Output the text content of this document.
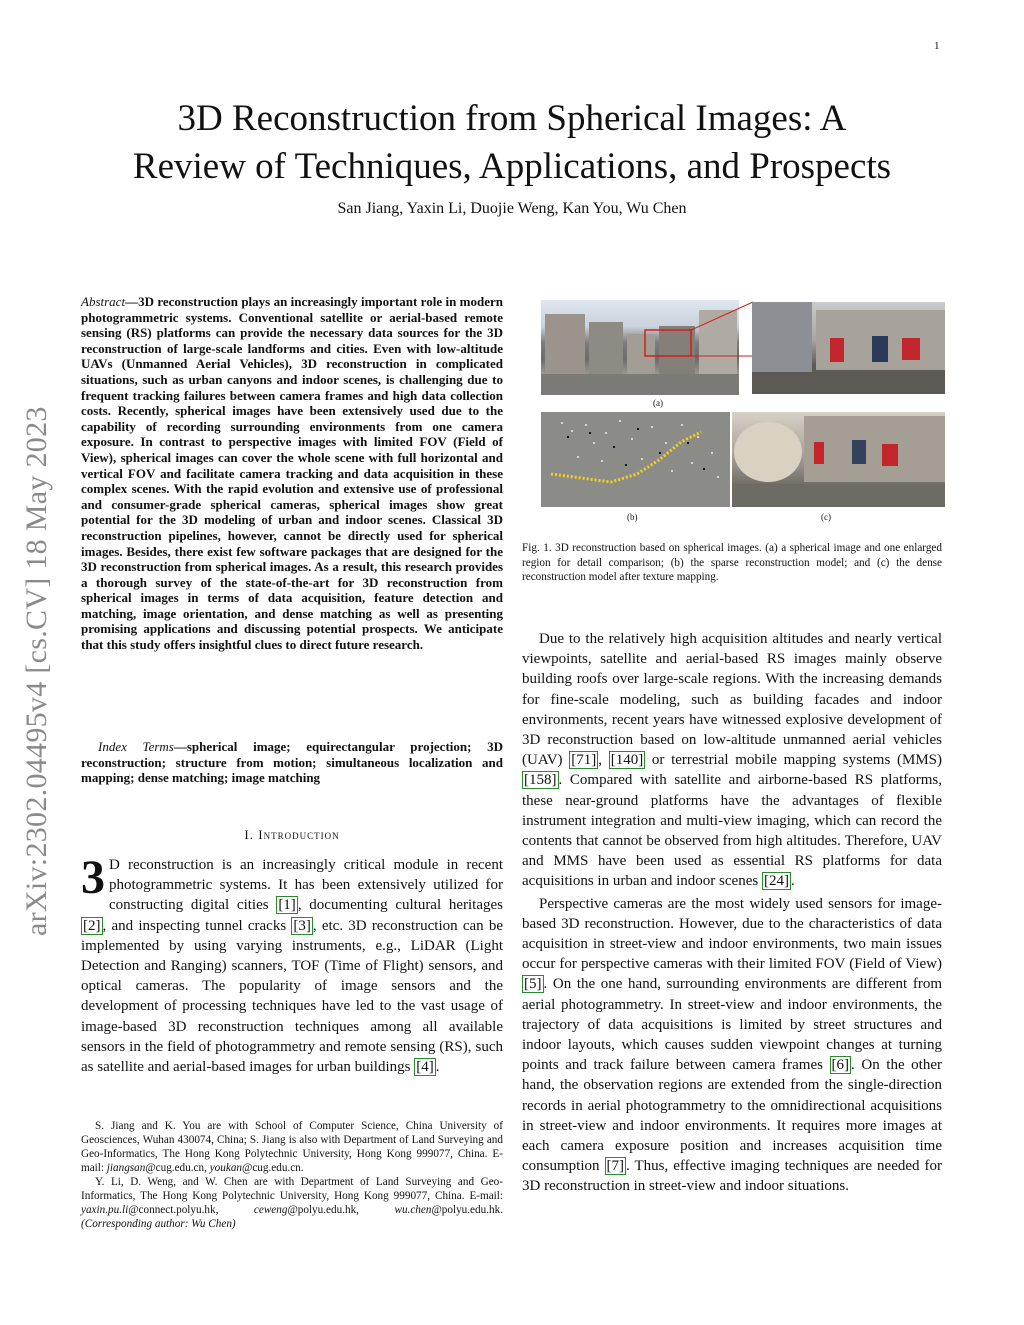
1
arXiv:2302.04495v4 [cs.CV] 18 May 2023
3D Reconstruction from Spherical Images: A
Review of Techniques, Applications, and Prospects
San Jiang, Yaxin Li, Duojie Weng, Kan You, Wu Chen
Abstract—3D reconstruction plays an increasingly important role in modern photogrammetric systems. Conventional satellite or aerial-based remote sensing (RS) platforms can provide the necessary data sources for the 3D reconstruction of large-scale landforms and cities. Even with low-altitude UAVs (Unmanned Aerial Vehicles), 3D reconstruction in complicated situations, such as urban canyons and indoor scenes, is challenging due to frequent tracking failures between camera frames and high data collection costs. Recently, spherical images have been extensively used due to the capability of recording surrounding environments from one camera exposure. In contrast to perspective images with limited FOV (Field of View), spherical images can cover the whole scene with full horizontal and vertical FOV and facilitate camera tracking and data acquisition in these complex scenes. With the rapid evolution and extensive use of professional and consumer-grade spherical cameras, spherical images show great potential for the 3D modeling of urban and indoor scenes. Classical 3D reconstruction pipelines, however, cannot be directly used for spherical images. Besides, there exist few software packages that are designed for the 3D reconstruction from spherical images. As a result, this research provides a thorough survey of the state-of-the-art for 3D reconstruction from spherical images in terms of data acquisition, feature detection and matching, image orientation, and dense matching as well as presenting promising applications and discussing potential prospects. We anticipate that this study offers insightful clues to direct future research.
Index Terms—spherical image; equirectangular projection; 3D reconstruction; structure from motion; simultaneous localization and mapping; dense matching; image matching
I. Introduction
3 D reconstruction is an increasingly critical module in recent photogrammetric systems. It has been extensively utilized for constructing digital cities [1] , documenting cultural heritages [2] , and inspecting tunnel cracks [3] , etc. 3D reconstruction can be implemented by using varying instruments, e.g., LiDAR (Light Detection and Ranging) scanners, TOF (Time of Flight) sensors, and optical cameras. The popularity of image sensors and the development of processing techniques have led to the vast usage of image-based 3D reconstruction techniques among all available sensors in the field of photogrammetry and remote sensing (RS), such as satellite and aerial-based images for urban buildings [4] .

S. Jiang and K. You are with School of Computer Science, China University of Geosciences, Wuhan 430074, China; S. Jiang is also with Department of Land Surveying and Geo-Informatics, The Hong Kong Polytechnic University, Hong Kong 999077, China. E-mail: jiangsan@cug.edu.cn, youkan@cug.edu.cn.

Y. Li, D. Weng, and W. Chen are with Department of Land Surveying and Geo-Informatics, The Hong Kong Polytechnic University, Hong Kong 999077, China. E-mail: yaxin.pu.li@connect.polyu.hk, ceweng@polyu.edu.hk, wu.chen@polyu.edu.hk. (Corresponding author: Wu Chen)

(a)
(b)	(c)
Fig. 1. 3D reconstruction based on spherical images. (a) a spherical image and one enlarged region for detail comparison; (b) the sparse reconstruction model; and (c) the dense reconstruction model after texture mapping.

Due to the relatively high acquisition altitudes and nearly vertical viewpoints, satellite and aerial-based RS images mainly observe building roofs over large-scale regions. With the increasing demands for fine-scale modeling, such as building facades and indoor environments, recent years have witnessed explosive development of 3D reconstruction based on low-altitude unmanned aerial vehicles (UAV) [71] , [140] or terrestrial mobile mapping systems (MMS) [158] . Compared with satellite and airborne-based RS platforms, these near-ground platforms have the advantages of flexible instrument integration and multi-view imaging, which can record the contents that cannot be observed from high altitudes. Therefore, UAV and MMS have been used as essential RS platforms for data acquisitions in urban and indoor scenes [24] .

Perspective cameras are the most widely used sensors for image-based 3D reconstruction. However, due to the characteristics of data acquisition in street-view and indoor environments, two main issues occur for perspective cameras with their limited FOV (Field of View) [5] . On the one hand, surrounding environments are different from aerial photogrammetry. In street-view and indoor environments, the trajectory of data acquisitions is limited by street structures and indoor layouts, which causes sudden viewpoint changes at turning points and track failure between camera frames [6] . On the other hand, the observation regions are extended from the single-direction records in aerial photogrammetry to the omnidirectional acquisitions in street-view and indoor environments. It requires more images at each camera exposure position and increases acquisition time consumption [7] . Thus, effective imaging techniques are needed for 3D reconstruction in street-view and indoor situations.
